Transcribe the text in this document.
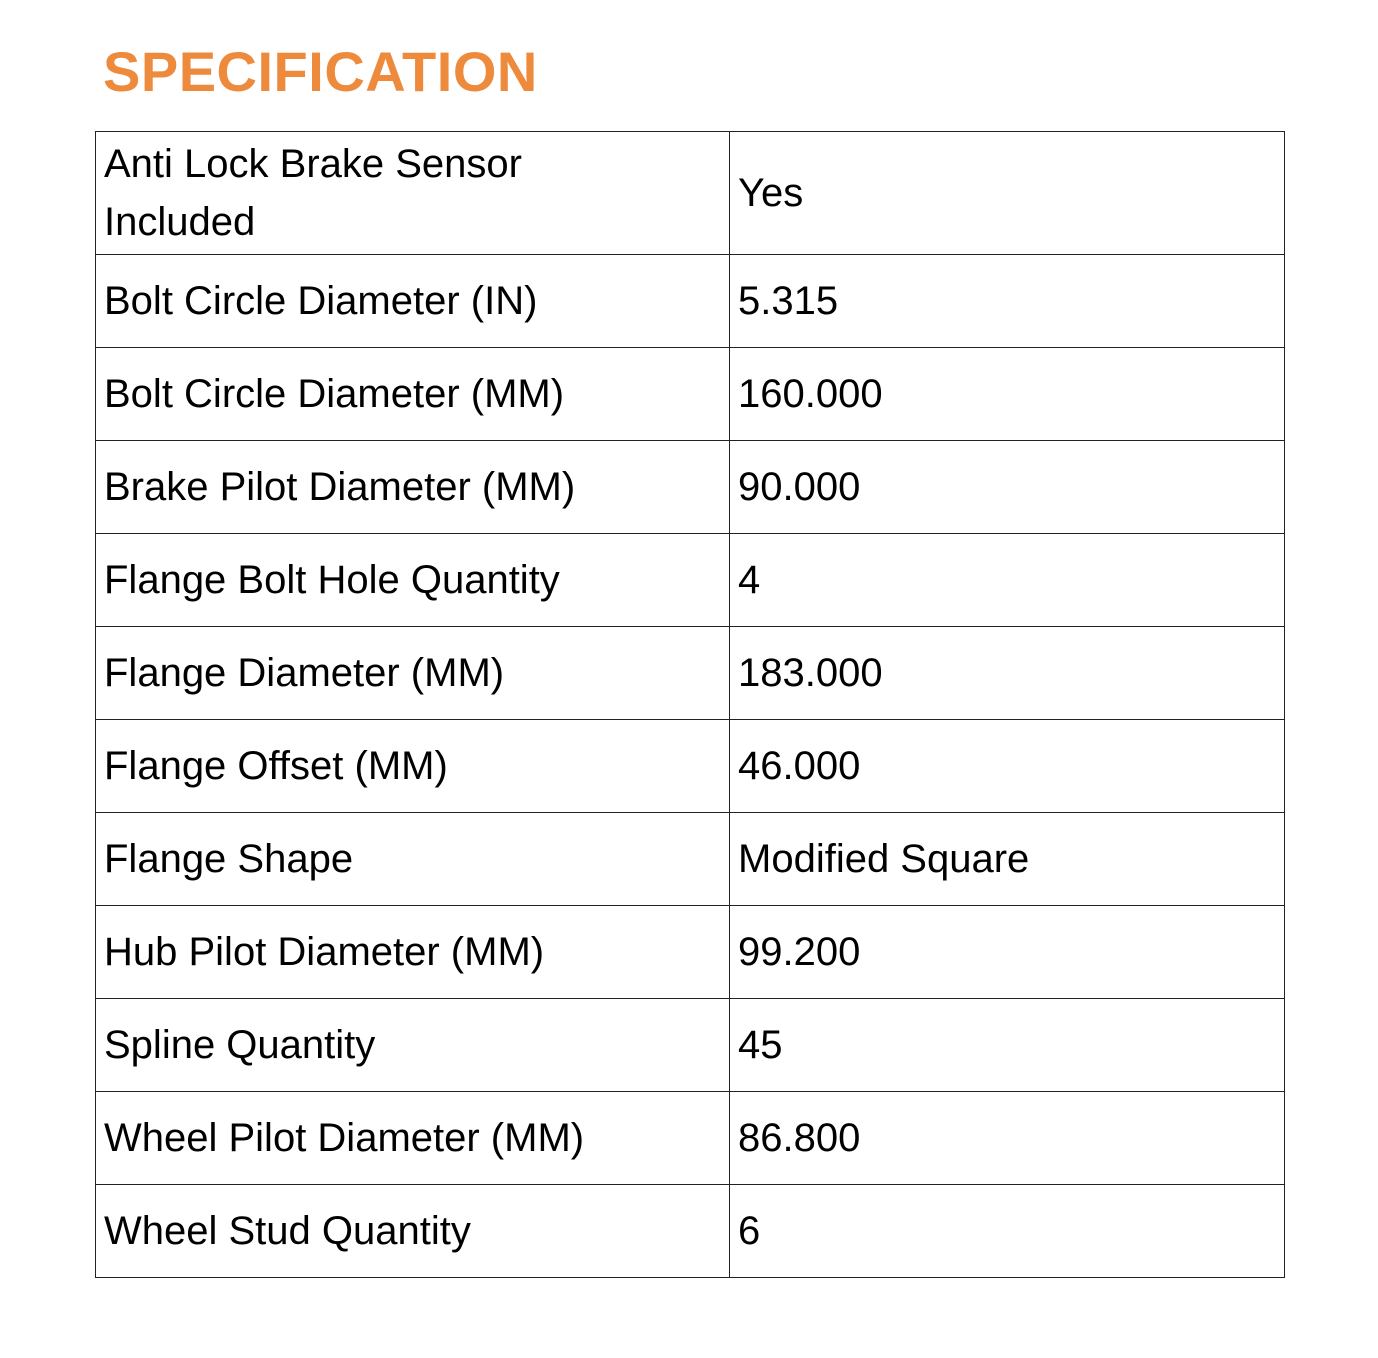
SPECIFICATION
Anti Lock Brake Sensor Included	Yes
Bolt Circle Diameter (IN)	5.315
Bolt Circle Diameter (MM)	160.000
Brake Pilot Diameter (MM)	90.000
Flange Bolt Hole Quantity	4
Flange Diameter (MM)	183.000
Flange Offset (MM)	46.000
Flange Shape	Modified Square
Hub Pilot Diameter (MM)	99.200
Spline Quantity	45
Wheel Pilot Diameter (MM)	86.800
Wheel Stud Quantity	6
